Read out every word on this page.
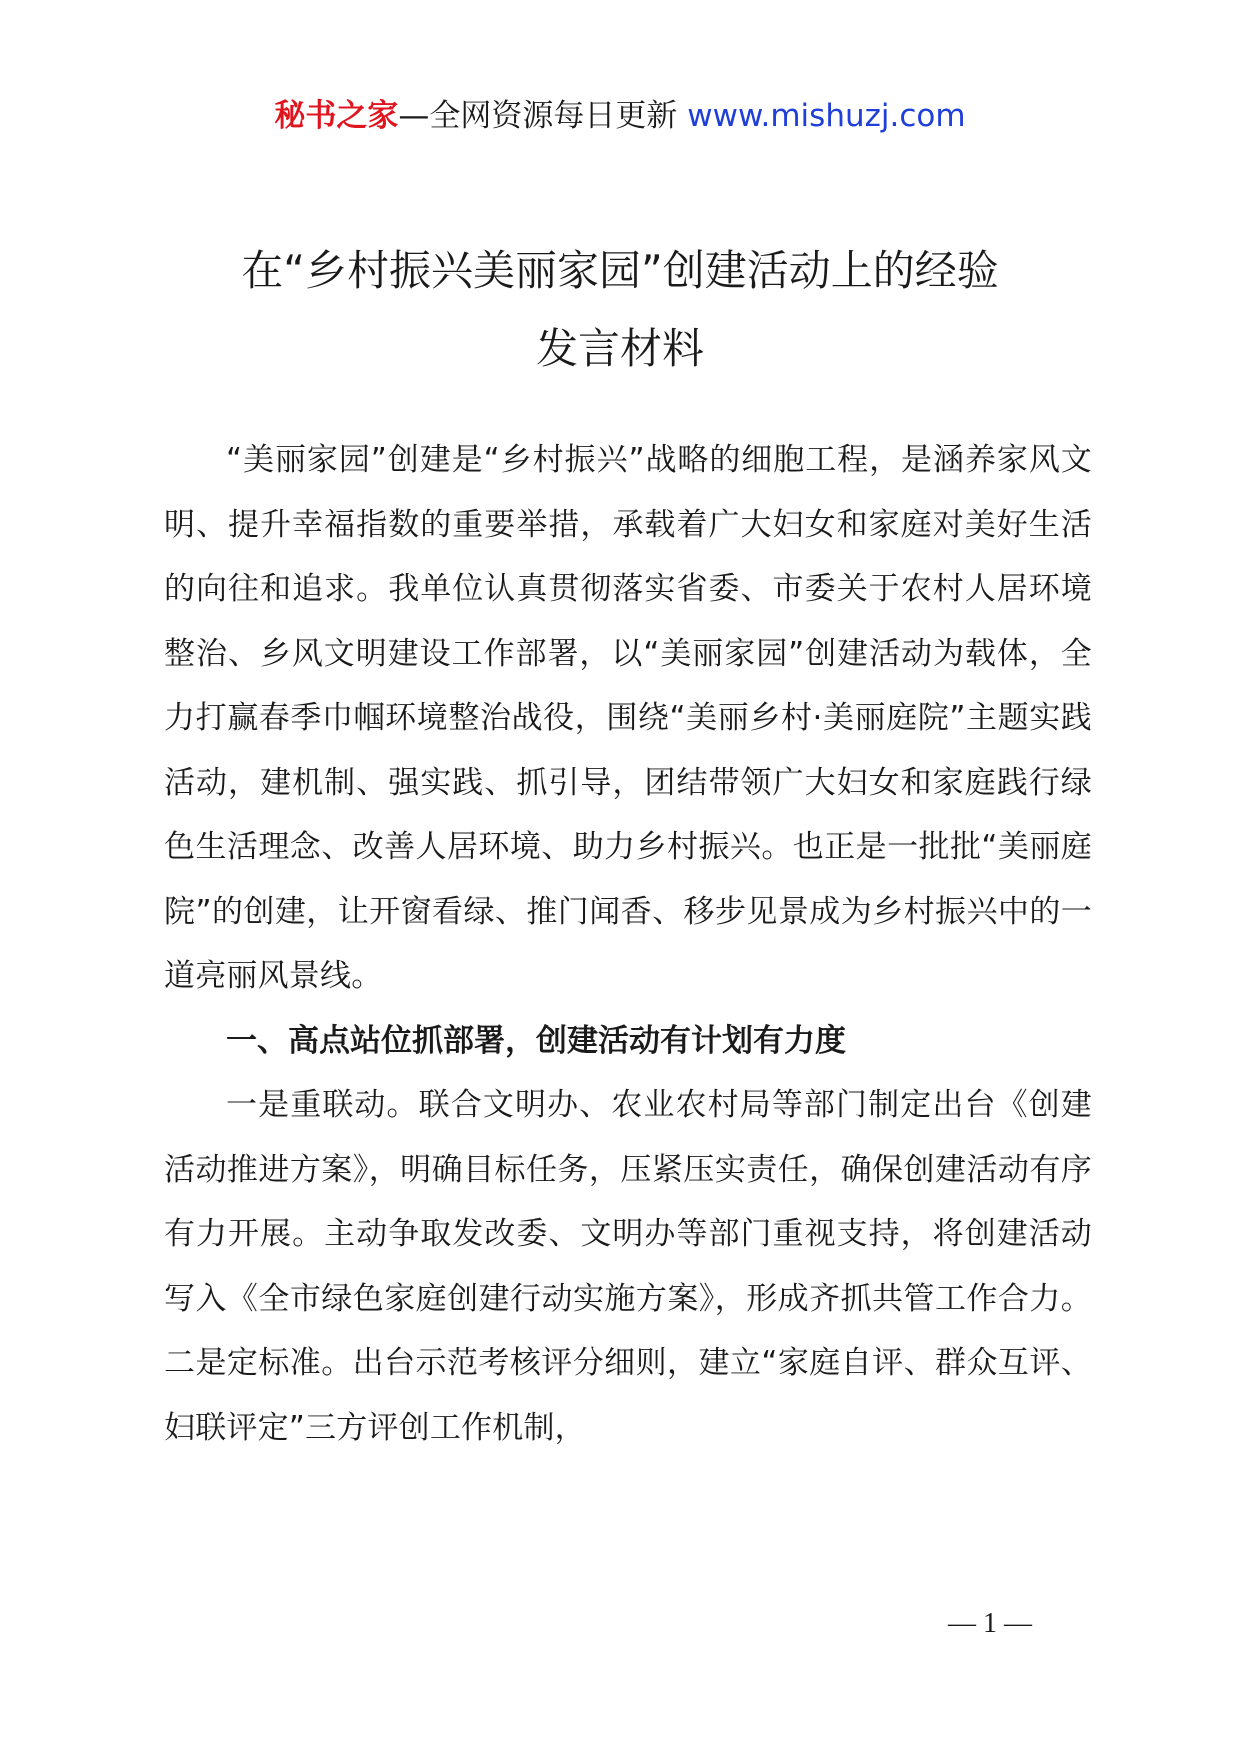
秘书之家—全网资源每日更新 www.mishuzj.com
在“乡村振兴美丽家园”创建活动上的经验
发言材料

“美丽家园”创建是“乡村振兴”战略的细胞工程，是涵养家风文明、提升幸福指数的重要举措，承载着广大妇女和家庭对美好生活的向往和追求。我单位认真贯彻落实省委、市委关于农村人居环境整治、乡风文明建设工作部署，以“美丽家园”创建活动为载体，全力打赢春季巾帼环境整治战役，围绕“美丽乡村·美丽庭院”主题实践活动，建机制、强实践、抓引导，团结带领广大妇女和家庭践行绿色生活理念、改善人居环境、助力乡村振兴。也正是一批批“美丽庭院”的创建，让开窗看绿、推门闻香、移步见景成为乡村振兴中的一道亮丽风景线。

一、高点站位抓部署，创建活动有计划有力度

一是重联动。联合文明办、农业农村局等部门制定出台《创建活动推进方案》，明确目标任务，压紧压实责任，确保创建活动有序有力开展。主动争取发改委、文明办等部门重视支持，将创建活动写入《全市绿色家庭创建行动实施方案》，形成齐抓共管工作合力。二是定标准。出台示范考核评分细则，建立“家庭自评、群众互评、妇联评定”三方评创工作机制，

— 1 —
